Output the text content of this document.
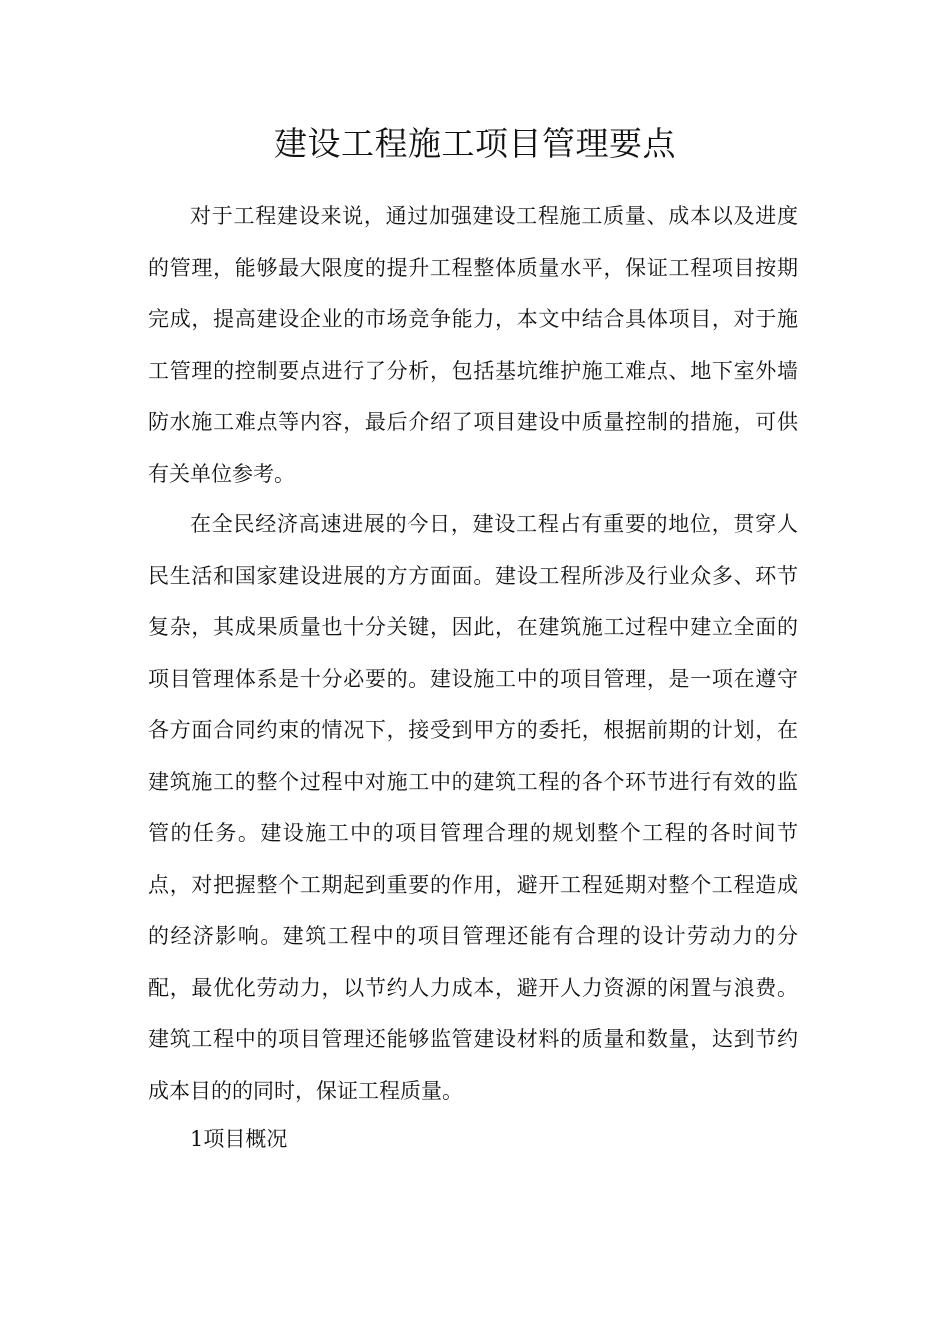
建设工程施工项目管理要点

对于工程建设来说，通过加强建设工程施工质量、成本以及进度的管理，能够最大限度的提升工程整体质量水平，保证工程项目按期完成，提高建设企业的市场竞争能力，本文中结合具体项目，对于施工管理的控制要点进行了分析，包括基坑维护施工难点、地下室外墙防水施工难点等内容，最后介绍了项目建设中质量控制的措施，可供有关单位参考。

在全民经济高速进展的今日，建设工程占有重要的地位，贯穿人民生活和国家建设进展的方方面面。建设工程所涉及行业众多、环节复杂，其成果质量也十分关键，因此，在建筑施工过程中建立全面的项目管理体系是十分必要的。建设施工中的项目管理，是一项在遵守各方面合同约束的情况下，接受到甲方的委托，根据前期的计划，在建筑施工的整个过程中对施工中的建筑工程的各个环节进行有效的监管的任务。建设施工中的项目管理合理的规划整个工程的各时间节点，对把握整个工期起到重要的作用，避开工程延期对整个工程造成的经济影响。建筑工程中的项目管理还能有合理的设计劳动力的分配，最优化劳动力，以节约人力成本，避开人力资源的闲置与浪费。建筑工程中的项目管理还能够监管建设材料的质量和数量，达到节约成本目的的同时，保证工程质量。

1项目概况
